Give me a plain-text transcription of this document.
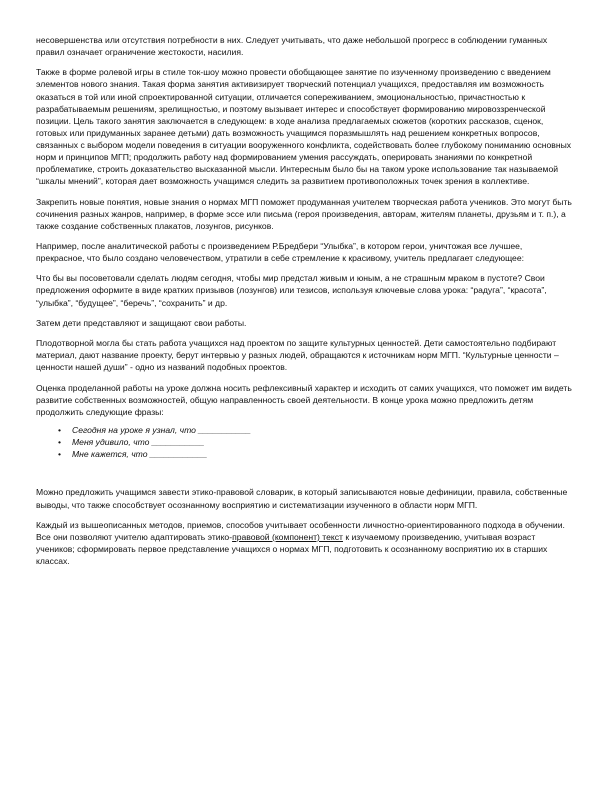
несовершенства или отсутствия потребности в них. Следует учитывать, что даже небольшой прогресс в соблюдении гуманных правил означает ограничение жестокости, насилия.

Также в форме ролевой игры в стиле ток-шоу можно провести обобщающее занятие по изученному произведению с введением элементов нового знания. Такая форма занятия активизирует творческий потенциал учащихся, предоставляя им возможность оказаться в той или иной спроектированной ситуации, отличается сопереживанием, эмоциональностью, причастностью к разрабатываемым решениям, зрелищностью, и поэтому вызывает интерес и способствует формированию мировоззренческой позиции. Цель такого занятия заключается в следующем: в ходе анализа предлагаемых сюжетов (коротких рассказов, сценок, готовых или придуманных заранее детьми) дать возможность учащимся поразмышлять над решением конкретных вопросов, связанных с выбором модели поведения в ситуации вооруженного конфликта, содействовать более глубокому пониманию основных норм и принципов МГП; продолжить работу над формированием умения рассуждать, оперировать знаниями по конкретной проблематике, строить доказательство высказанной мысли. Интересным было бы на таком уроке использование так называемой “шкалы мнений”, которая дает возможность учащимся следить за развитием противоположных точек зрения в коллективе.

Закрепить новые понятия, новые знания о нормах МГП поможет продуманная учителем творческая работа учеников. Это могут быть сочинения разных жанров, например, в форме эссе или письма (героя произведения, авторам, жителям планеты, друзьям и т. п.), а также создание собственных плакатов, лозунгов, рисунков.

Например, после аналитической работы с произведением Р.Бредбери “Улыбка”, в котором герои, уничтожая все лучшее, прекрасное, что было создано человечеством, утратили в себе стремление к красивому, учитель предлагает следующее:

Что бы вы посоветовали сделать людям сегодня, чтобы мир предстал живым и юным, а не страшным мраком в пустоте? Свои предложения оформите в виде кратких призывов (лозунгов) или тезисов, используя ключевые слова урока: “радуга”, “красота”, “улыбка”, “будущее”, “беречь”, “сохранить” и др.

Затем дети представляют и защищают свои работы.

Плодотворной могла бы стать работа учащихся над проектом по защите культурных ценностей. Дети самостоятельно подбирают материал, дают название проекту, берут интервью у разных людей, обращаются к источникам норм МГП. “Культурные ценности – ценности нашей души” - одно из названий подобных проектов.

Оценка проделанной работы на уроке должна носить рефлексивный характер и исходить от самих учащихся, что поможет им видеть развитие собственных возможностей, общую направленность своей деятельности. В конце урока можно предложить детям продолжить следующие фразы:

• Сегодня на уроке я узнал, что ___________
• Меня удивило, что ___________
• Мне кажется, что ____________

Можно предложить учащимся завести этико-правовой словарик, в который записываются новые дефиниции, правила, собственные выводы, что также способствует осознанному восприятию и систематизации изученного в области норм МГП.

Каждый из вышеописанных методов, приемов, способов учитывает особенности личностно-ориентированного подхода в обучении. Все они позволяют учителю адаптировать этико-правовой (компонент) текст к изучаемому произведению, учитывая возраст учеников; сформировать первое представление учащихся о нормах МГП, подготовить к осознанному восприятию их в старших классах.
